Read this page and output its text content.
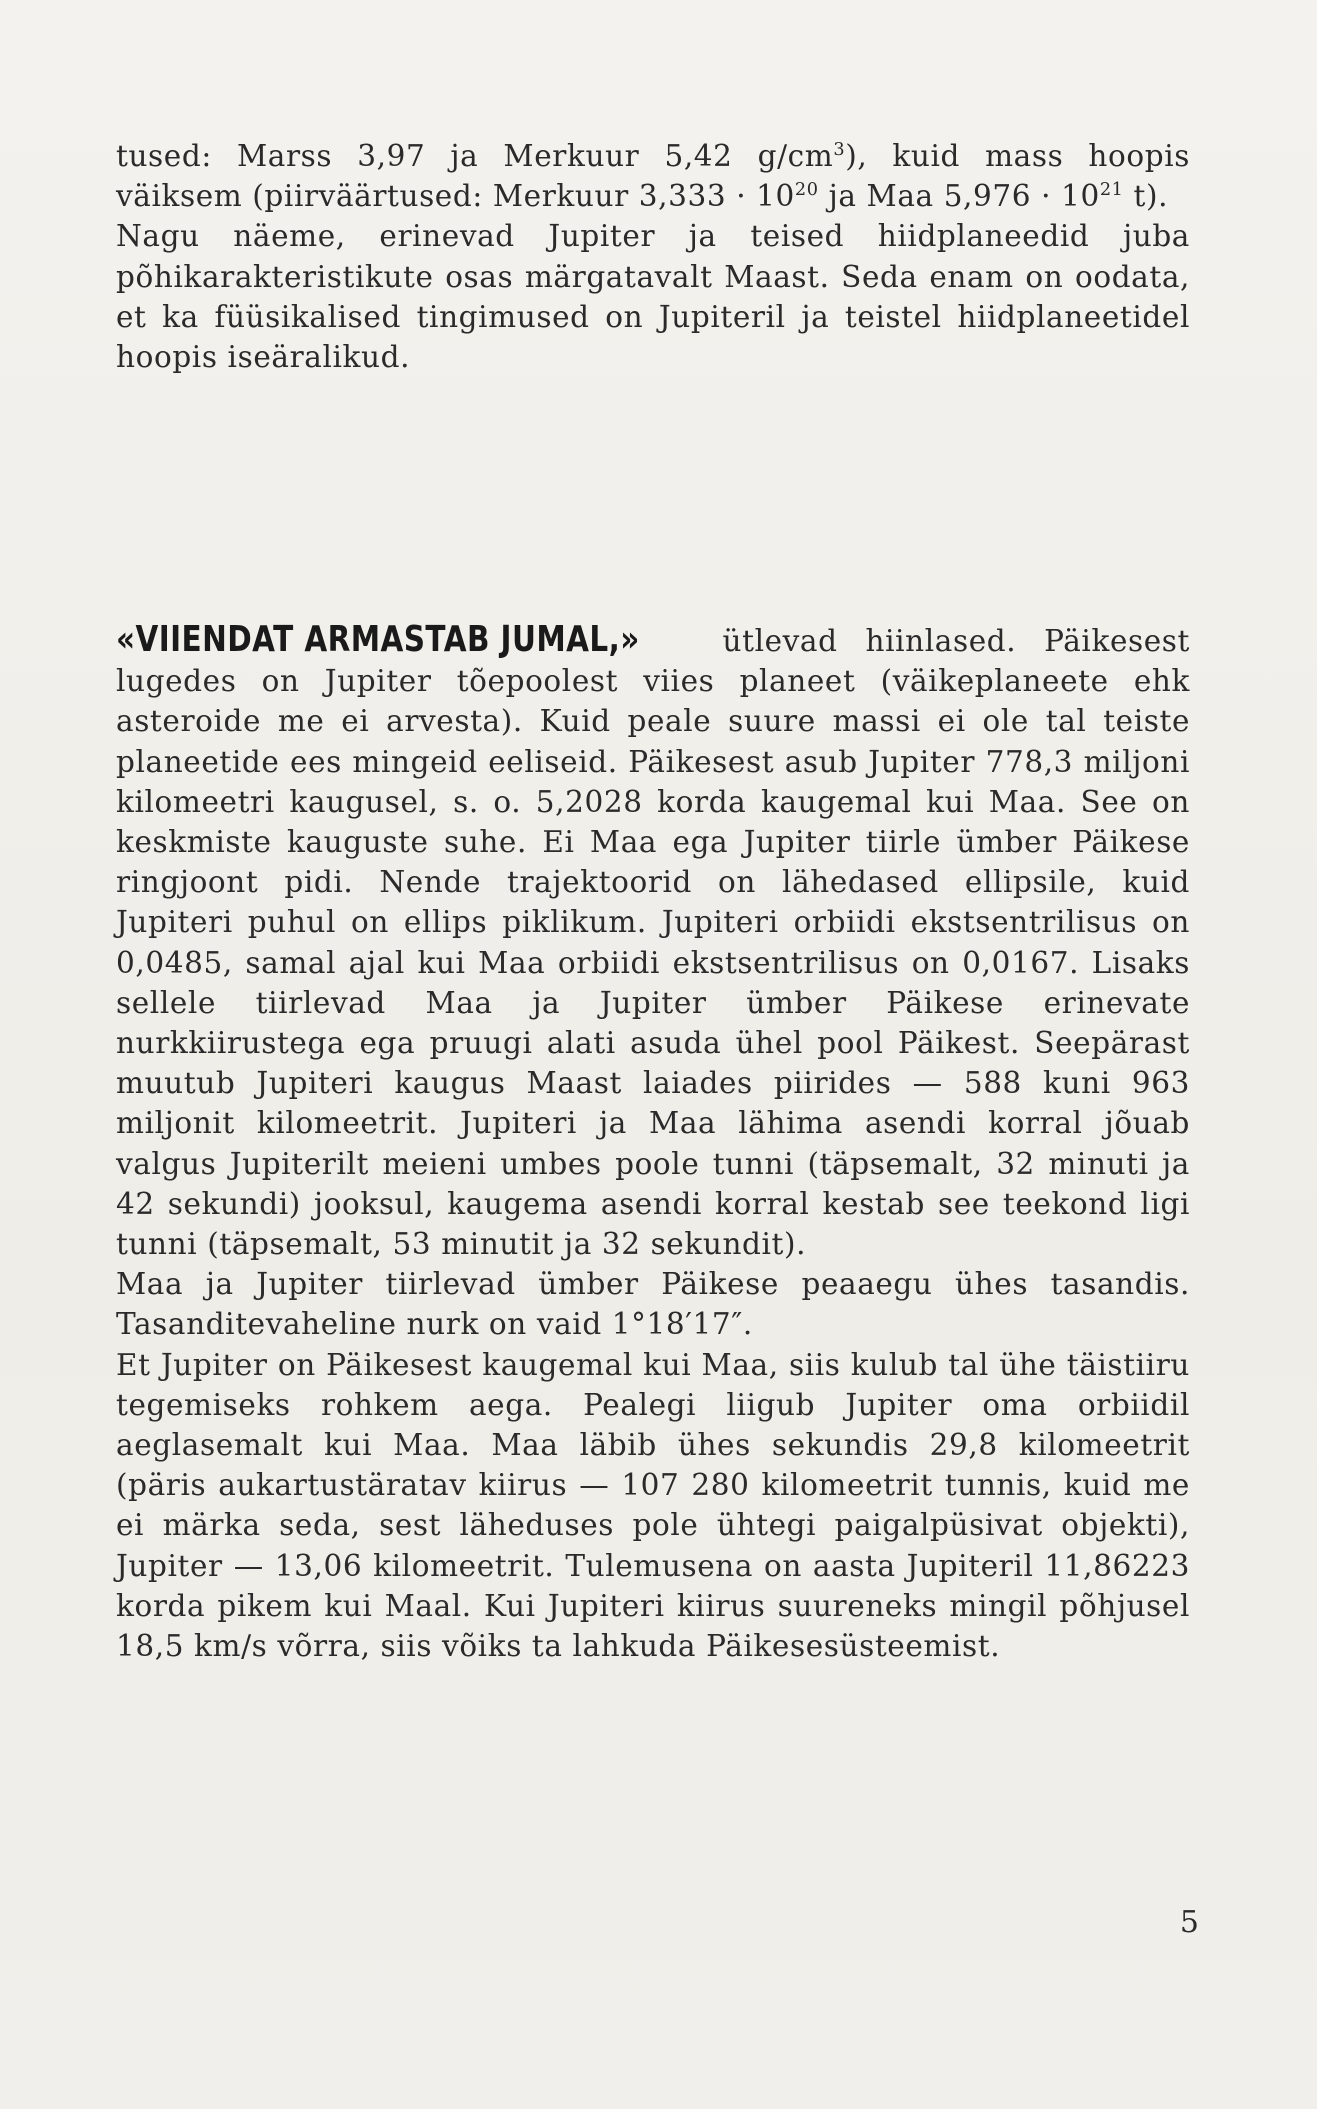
tused: Marss 3,97 ja Merkuur 5,42 $g/cm^3$), kuid mass hoopis väiksem (piirväärtused: Merkuur $3,333 \cdot 10^{20}$ ja Maa $5,976 \cdot 10^{21}$ t).

Nagu näeme, erinevad Jupiter ja teised hiidplaneedid juba põhikarakteristikute osas märgatavalt Maast. Seda enam on oodata, et ka füüsikalised tingimused on Jupiteril ja teistel hiidplaneetidel hoopis iseäralikud.

«VIIENDAT ARMASTAB JUMAL,» ütlevad hiinlased. Päikesest lugedes on Jupiter tõepoolest viies planeet (väikeplaneete ehk asteroide me ei arvesta). Kuid peale suure massi ei ole tal teiste planeetide ees mingeid eeliseid. Päikesest asub Jupiter 778,3 miljoni kilomeetri kaugusel, s. o. 5,2028 korda kaugemal kui Maa. See on keskmiste kauguste suhe. Ei Maa ega Jupiter tiirle ümber Päikese ringjoont pidi. Nende trajektoorid on lähedased ellipsile, kuid Jupiteri puhul on ellips piklikum. Jupiteri orbiidi ekstsentrilisus on 0,0485, samal ajal kui Maa orbiidi ekstsentrilisus on 0,0167. Lisaks sellele tiirlevad Maa ja Jupiter ümber Päikese erinevate nurkkiirustega ega pruugi alati asuda ühel pool Päikest. Seepärast muutub Jupiteri kaugus Maast laiades piirides — 588 kuni 963 miljonit kilomeetrit. Jupiteri ja Maa lähima asendi korral jõuab valgus Jupiterilt meieni umbes poole tunni (täpsemalt, 32 minuti ja 42 sekundi) jooksul, kaugema asendi korral kestab see teekond ligi tunni (täpsemalt, 53 minutit ja 32 sekundit).

Maa ja Jupiter tiirlevad ümber Päikese peaaegu ühes tasandis. Tasanditevaheline nurk on vaid 1°18′17″.

Et Jupiter on Päikesest kaugemal kui Maa, siis kulub tal ühe täistiiru tegemiseks rohkem aega. Pealegi liigub Jupiter oma orbiidil aeglasemalt kui Maa. Maa läbib ühes sekundis 29,8 kilomeetrit (päris aukartustäratav kiirus — 107 280 kilomeetrit tunnis, kuid me ei märka seda, sest läheduses pole ühtegi paigalpüsivat objekti), Jupiter — 13,06 kilomeetrit. Tulemusena on aasta Jupiteril 11,86223 korda pikem kui Maal. Kui Jupiteri kiirus suureneks mingil põhjusel 18,5 km/s võrra, siis võiks ta lahkuda Päikesesüsteemist.

5
